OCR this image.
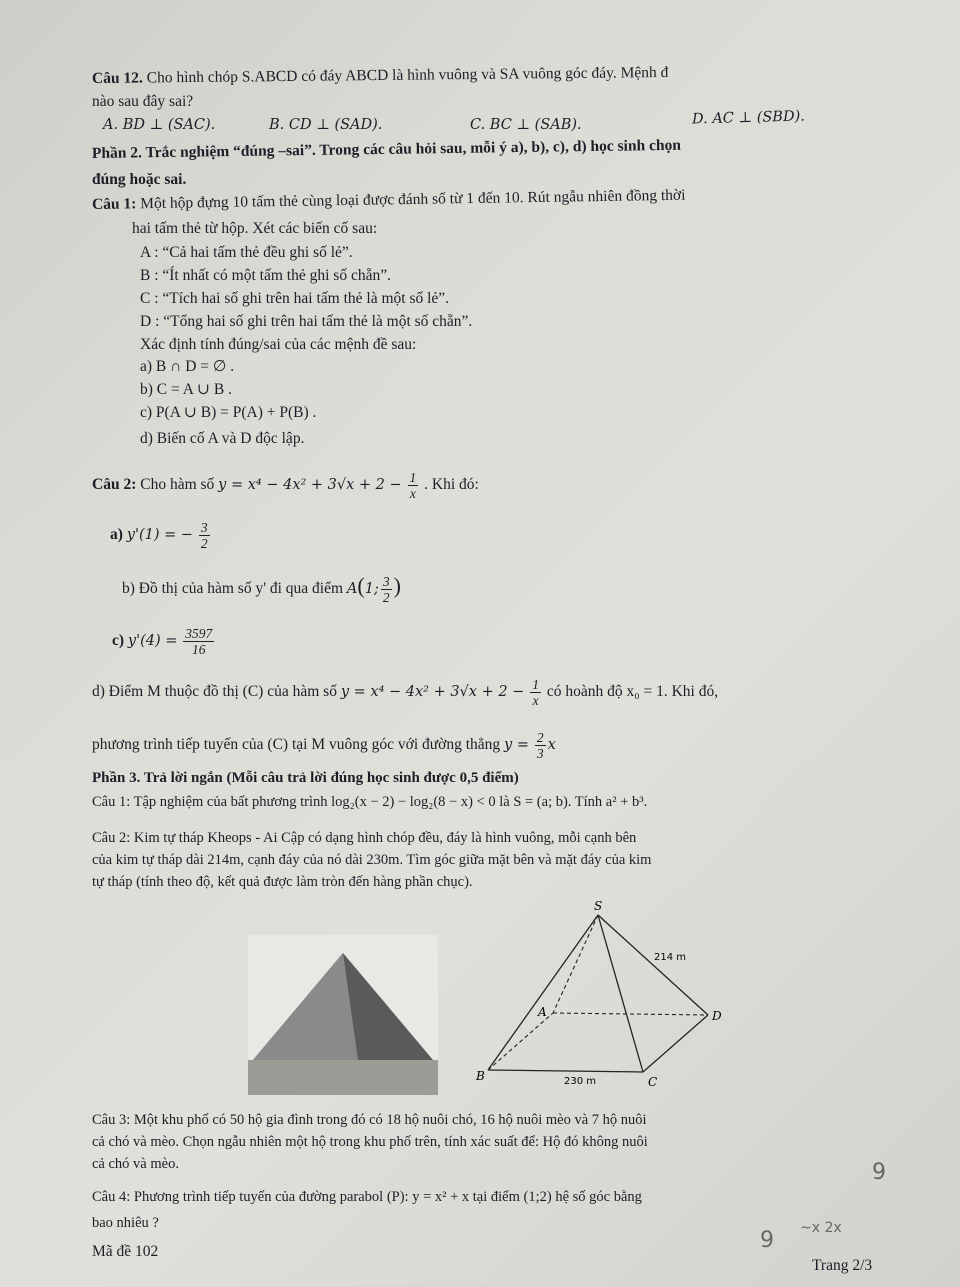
Câu 12. Cho hình chóp S.ABCD có đáy ABCD là hình vuông và SA vuông góc đáy. Mệnh đ
nào sau đây sai?
A. BD ⊥ (SAC).	B. CD ⊥ (SAD).	C. BC ⊥ (SAB).	D. AC ⊥ (SBD).
Phần 2. Trắc nghiệm “đúng –sai”. Trong các câu hỏi sau, mỗi ý a), b), c), d) học sinh chọn
đúng hoặc sai.
Câu 1: Một hộp đựng 10 tấm thẻ cùng loại được đánh số từ 1 đến 10. Rút ngẫu nhiên đồng thời
hai tấm thẻ từ hộp. Xét các biến cố sau:
A : “Cả hai tấm thẻ đều ghi số lẻ”.
B : “Ít nhất có một tấm thẻ ghi số chẵn”.
C : “Tích hai số ghi trên hai tấm thẻ là một số lẻ”.
D : “Tổng hai số ghi trên hai tấm thẻ là một số chẵn”.
Xác định tính đúng/sai của các mệnh đề sau:
a) B ∩ D = ∅ .
b) C = A ∪ B .
c) P(A ∪ B) = P(A) + P(B) .
d) Biến cố A và D độc lập.
Câu 2: Cho hàm số $y = x^4 - 4x^2 + 3√x + 2 - \frac{1}{x}$ . Khi đó:
a) y'(1) = − $\frac{3}{2}$
b) Đồ thị của hàm số y' đi qua điểm A(1; $\frac{3}{2}$ )
c) $y'(4) = \frac{3597}{16}$
d) Điểm M thuộc đồ thị (C) của hàm số $y = x^4 - 4x^2 + 3√x + 2 - \frac{1}{x}$ có hoành độ x₀ = 1. Khi đó,
phương trình tiếp tuyến của (C) tại M vuông góc với đường thẳng $y = \frac{2}{3}$ x
Phần 3. Trả lời ngắn (Mỗi câu trả lời đúng học sinh được 0,5 điểm)
Câu 1: Tập nghiệm của bất phương trình log₂(x − 2) − log₂(8 − x) < 0 là S = (a; b). Tính a² + b³.
Câu 2: Kim tự tháp Kheops - Ai Cập có dạng hình chóp đều, đáy là hình vuông, mỗi cạnh bên
của kim tự tháp dài 214m, cạnh đáy của nó dài 230m. Tìm góc giữa mặt bên và mặt đáy của kim
tự tháp (tính theo độ, kết quả được làm tròn đến hàng phần chục).
S
A
B	C
D
214 m
230 m
Câu 3: Một khu phố có 50 hộ gia đình trong đó có 18 hộ nuôi chó, 16 hộ nuôi mèo và 7 hộ nuôi
cả chó và mèo. Chọn ngẫu nhiên một hộ trong khu phố trên, tính xác suất để: Hộ đó không nuôi
cả chó và mèo.
Câu 4: Phương trình tiếp tuyến của đường parabol (P): y = x² + x tại điểm (1;2) hệ số góc bằng
bao nhiêu ?
Mã đề 102
Trang 2/3
9
9 ~x 2x
